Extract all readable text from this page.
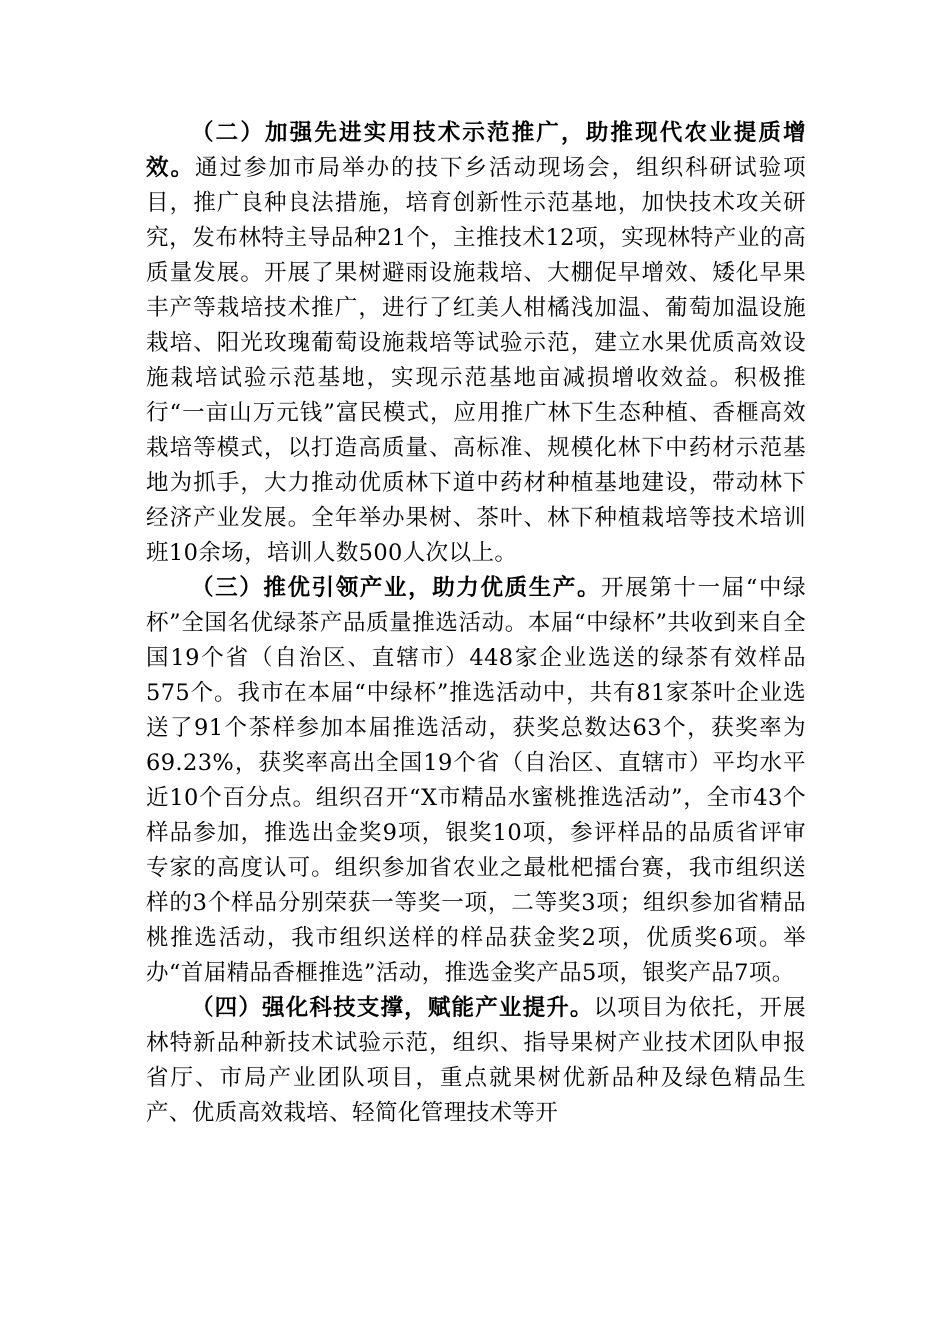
（二）加强先进实用技术示范推广，助推现代农业提质增效。通过参加市局举办的技下乡活动现场会，组织科研试验项目，推广良种良法措施，培育创新性示范基地，加快技术攻关研究，发布林特主导品种21个，主推技术12项，实现林特产业的高质量发展。开展了果树避雨设施栽培、大棚促早增效、矮化早果丰产等栽培技术推广，进行了红美人柑橘浅加温、葡萄加温设施栽培、阳光玫瑰葡萄设施栽培等试验示范，建立水果优质高效设施栽培试验示范基地，实现示范基地亩减损增收效益。积极推行“一亩山万元钱”富民模式，应用推广林下生态种植、香榧高效栽培等模式，以打造高质量、高标准、规模化林下中药材示范基地为抓手，大力推动优质林下道中药材种植基地建设，带动林下经济产业发展。全年举办果树、茶叶、林下种植栽培等技术培训班10余场，培训人数500人次以上。

（三）推优引领产业，助力优质生产。开展第十一届“中绿杯”全国名优绿茶产品质量推选活动。本届“中绿杯”共收到来自全国19个省（自治区、直辖市）448家企业选送的绿茶有效样品575个。我市在本届“中绿杯”推选活动中，共有81家茶叶企业选送了91个茶样参加本届推选活动，获奖总数达63个，获奖率为69.23%，获奖率高出全国19个省（自治区、直辖市）平均水平近10个百分点。组织召开“X市精品水蜜桃推选活动”，全市43个样品参加，推选出金奖9项，银奖10项，参评样品的品质省评审专家的高度认可。组织参加省农业之最枇杷擂台赛，我市组织送样的3个样品分别荣获一等奖一项，二等奖3项；组织参加省精品桃推选活动，我市组织送样的样品获金奖2项，优质奖6项。举办“首届精品香榧推选”活动，推选金奖产品5项，银奖产品7项。

（四）强化科技支撑，赋能产业提升。以项目为依托，开展林特新品种新技术试验示范，组织、指导果树产业技术团队申报省厅、市局产业团队项目，重点就果树优新品种及绿色精品生产、优质高效栽培、轻简化管理技术等开
